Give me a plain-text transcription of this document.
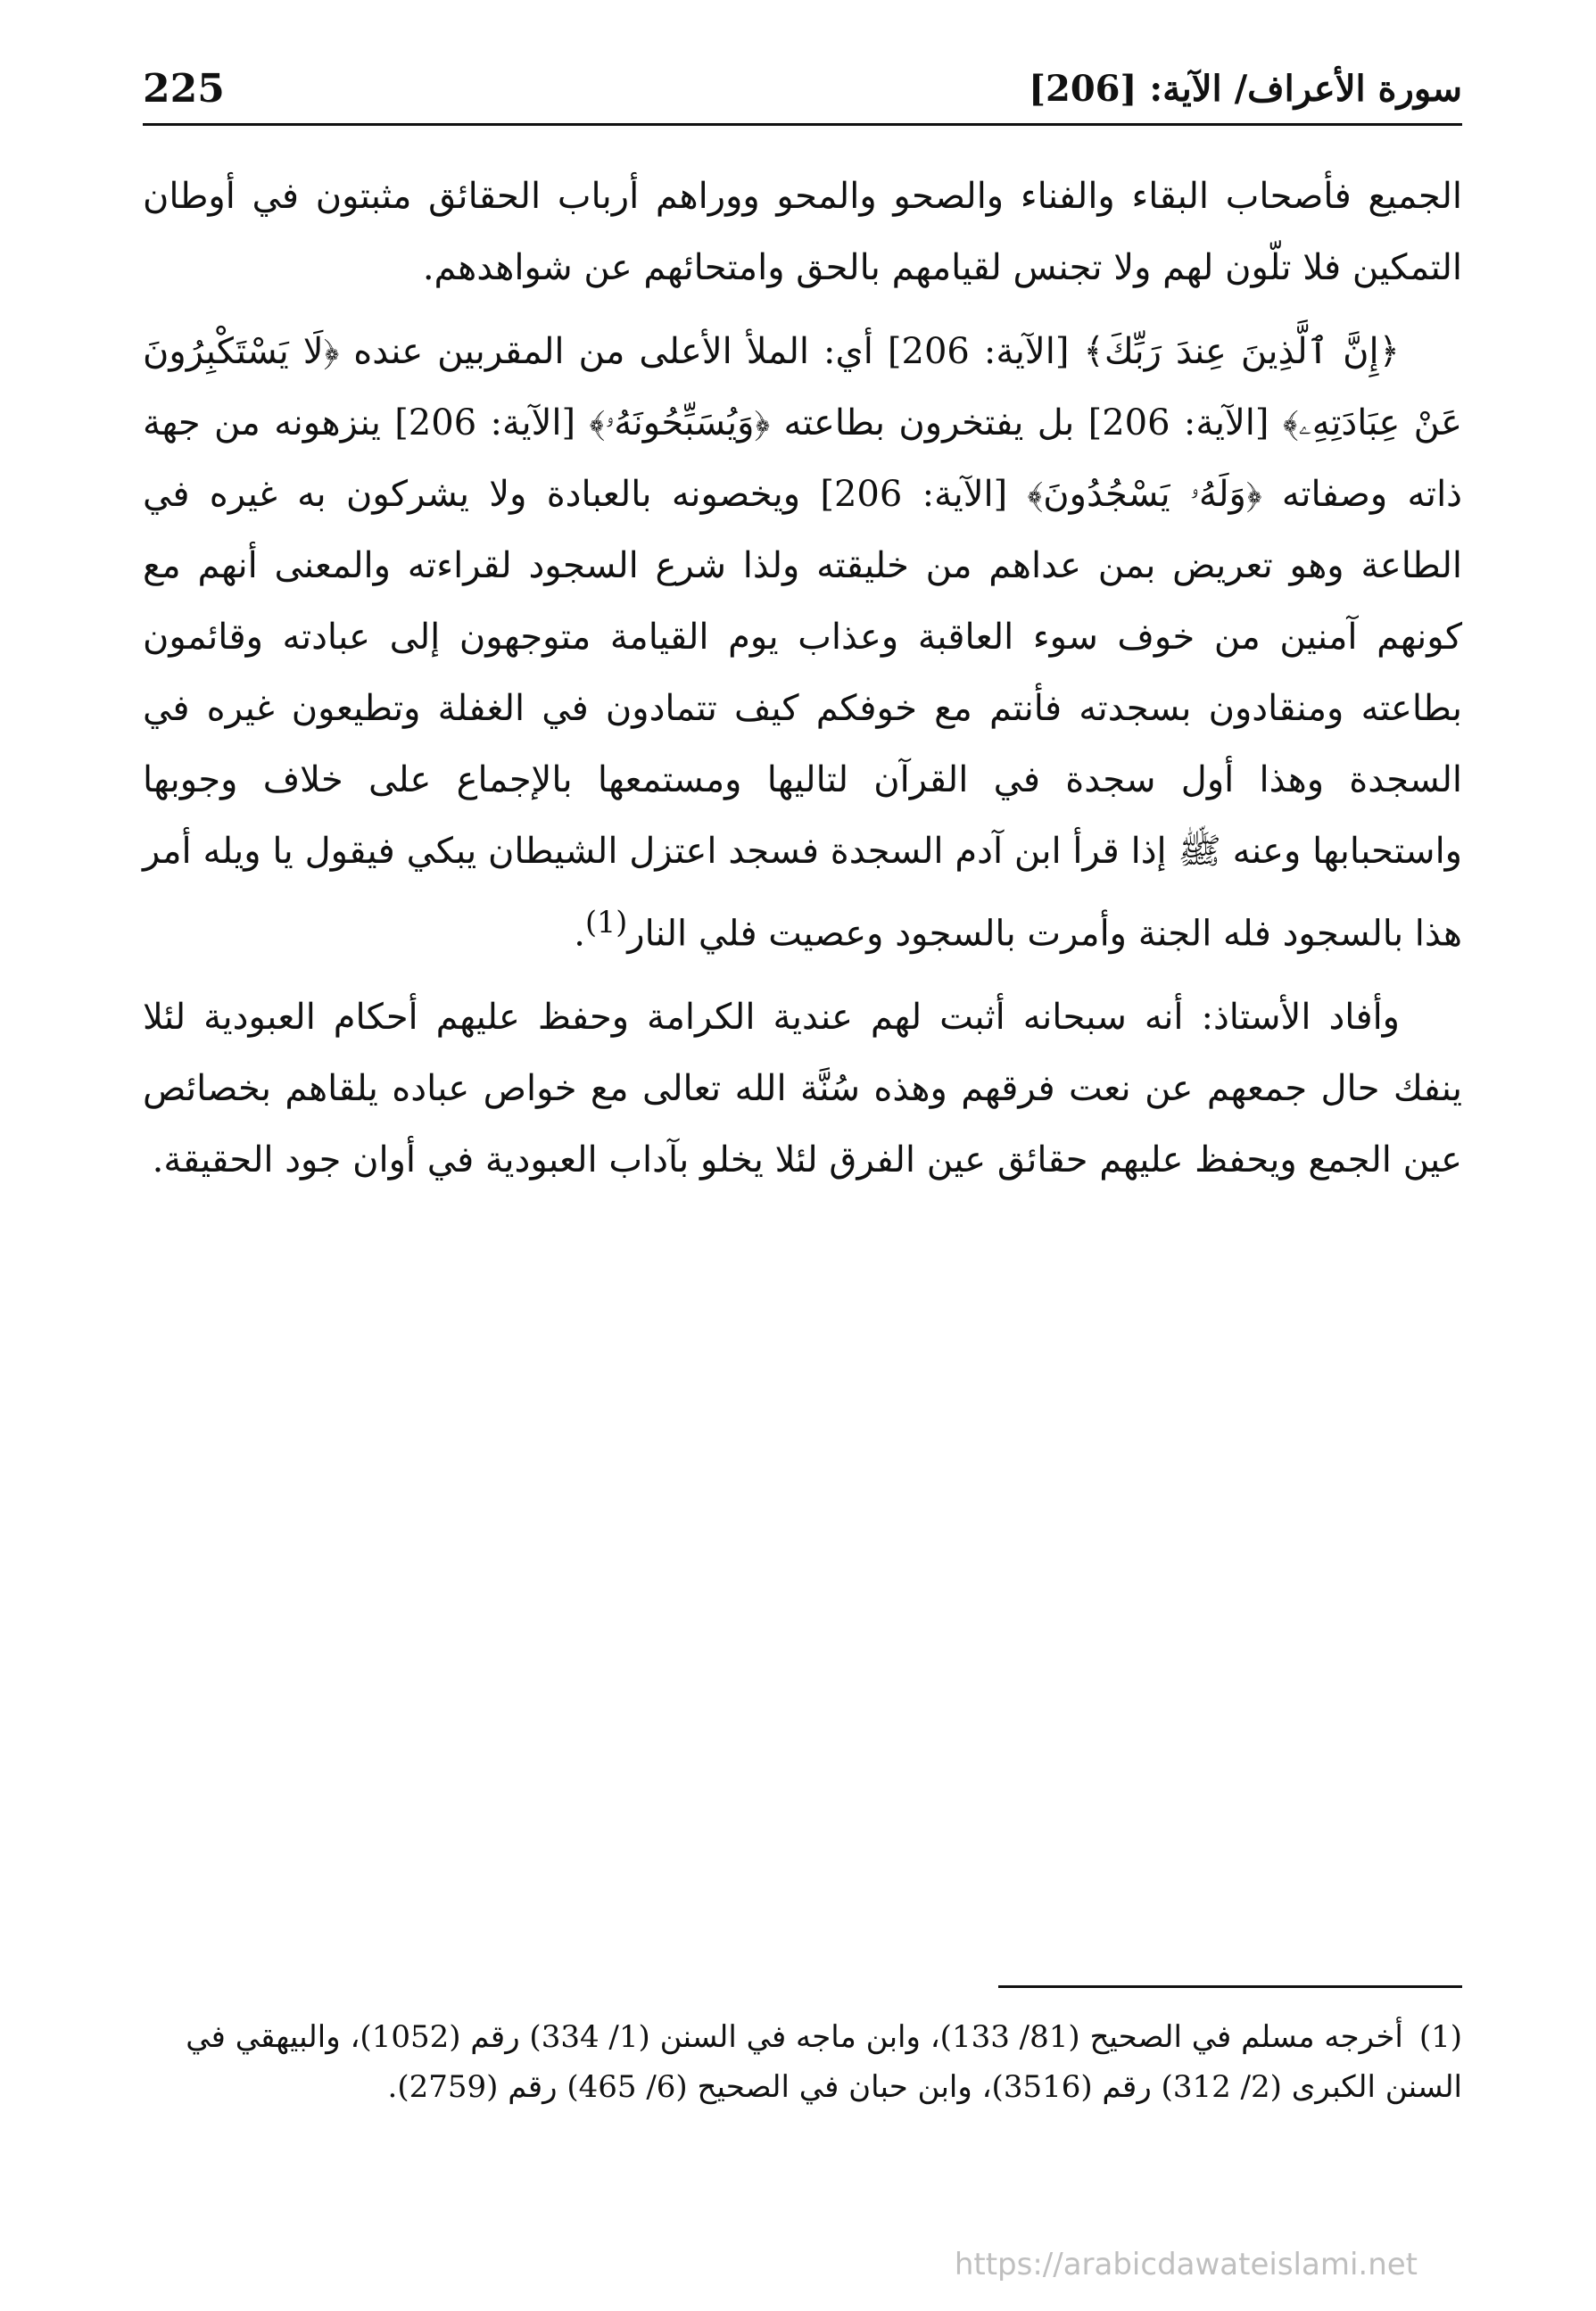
225	سورة الأعراف/ الآية: [206]

الجميع فأصحاب البقاء والفناء والصحو والمحو ووراهم أرباب الحقائق مثبتون في أوطان التمكين فلا تلّون لهم ولا تجنس لقيامهم بالحق وامتحائهم عن شواهدهم.

﴿إِنَّ ٱلَّذِينَ عِندَ رَبِّكَ﴾ [الآية: 206] أي: الملأ الأعلى من المقربين عنده ﴿لَا يَسْتَكْبِرُونَ عَنْ عِبَادَتِهِۦ﴾ [الآية: 206] بل يفتخرون بطاعته ﴿وَيُسَبِّحُونَهُۥ﴾ [الآية: 206] ينزهونه من جهة ذاته وصفاته ﴿وَلَهُۥ يَسْجُدُونَ﴾ [الآية: 206] ويخصونه بالعبادة ولا يشركون به غيره في الطاعة وهو تعريض بمن عداهم من خليقته ولذا شرع السجود لقراءته والمعنى أنهم مع كونهم آمنين من خوف سوء العاقبة وعذاب يوم القيامة متوجهون إلى عبادته وقائمون بطاعته ومنقادون بسجدته فأنتم مع خوفكم كيف تتمادون في الغفلة وتطيعون غيره في السجدة وهذا أول سجدة في القرآن لتاليها ومستمعها بالإجماع على خلاف وجوبها واستحبابها وعنه ﷺ إذا قرأ ابن آدم السجدة فسجد اعتزل الشيطان يبكي فيقول يا ويله أمر هذا بالسجود فله الجنة وأمرت بالسجود وعصيت فلي النار$^{(1)}$.

وأفاد الأستاذ: أنه سبحانه أثبت لهم عندية الكرامة وحفظ عليهم أحكام العبودية لئلا ينفك حال جمعهم عن نعت فرقهم وهذه سُنَّة الله تعالى مع خواص عباده يلقاهم بخصائص عين الجمع ويحفظ عليهم حقائق عين الفرق لئلا يخلو بآداب العبودية في أوان جود الحقيقة.

(1)أخرجه مسلم في الصحيح (81/ 133)، وابن ماجه في السنن (1/ 334) رقم (1052)، والبيهقي في السنن الكبرى (2/ 312) رقم (3516)، وابن حبان في الصحيح (6/ 465) رقم (2759).
https://arabicdawateislami.net
